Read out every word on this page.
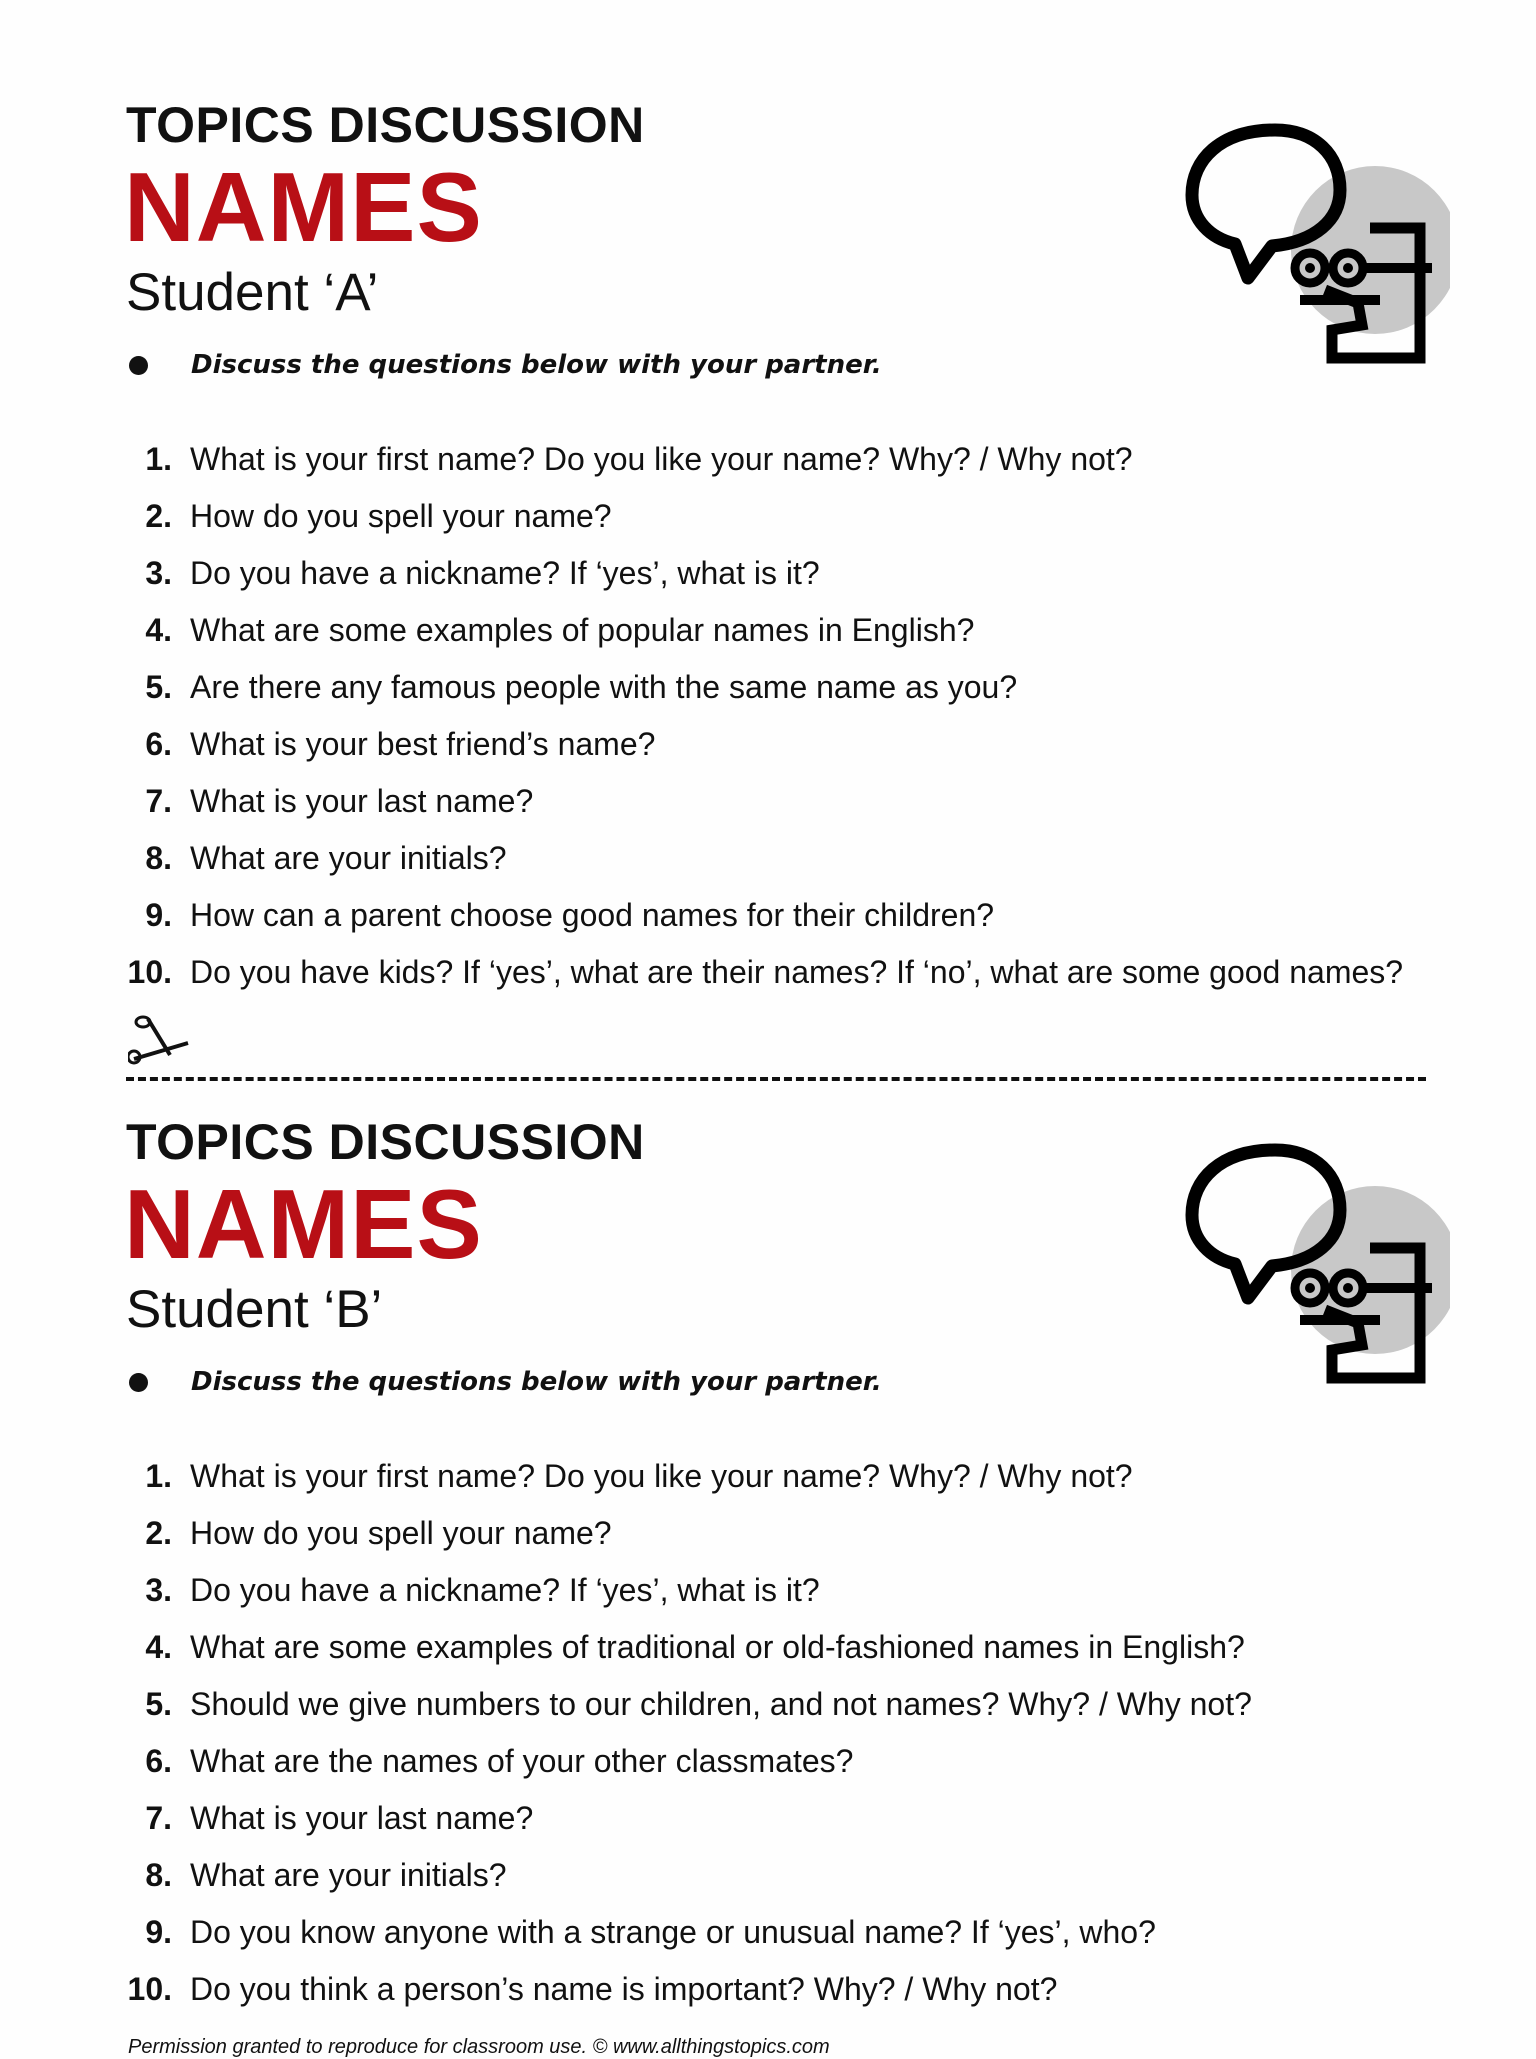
TOPICS DISCUSSION
NAMES
Student ‘A’
Discuss the questions below with your partner.
1. What is your first name? Do you like your name? Why? / Why not?
2. How do you spell your name?
3. Do you have a nickname? If ‘yes’, what is it?
4. What are some examples of popular names in English?
5. Are there any famous people with the same name as you?
6. What is your best friend’s name?
7. What is your last name?
8. What are your initials?
9. How can a parent choose good names for their children?
10. Do you have kids? If ‘yes’, what are their names? If ‘no’, what are some good names?
TOPICS DISCUSSION
NAMES
Student ‘B’
Discuss the questions below with your partner.
1. What is your first name? Do you like your name? Why? / Why not?
2. How do you spell your name?
3. Do you have a nickname? If ‘yes’, what is it?
4. What are some examples of traditional or old-fashioned names in English?
5. Should we give numbers to our children, and not names? Why? / Why not?
6. What are the names of your other classmates?
7. What is your last name?
8. What are your initials?
9. Do you know anyone with a strange or unusual name? If ‘yes’, who?
10. Do you think a person’s name is important? Why? / Why not?
Permission granted to reproduce for classroom use. © www.allthingstopics.com
